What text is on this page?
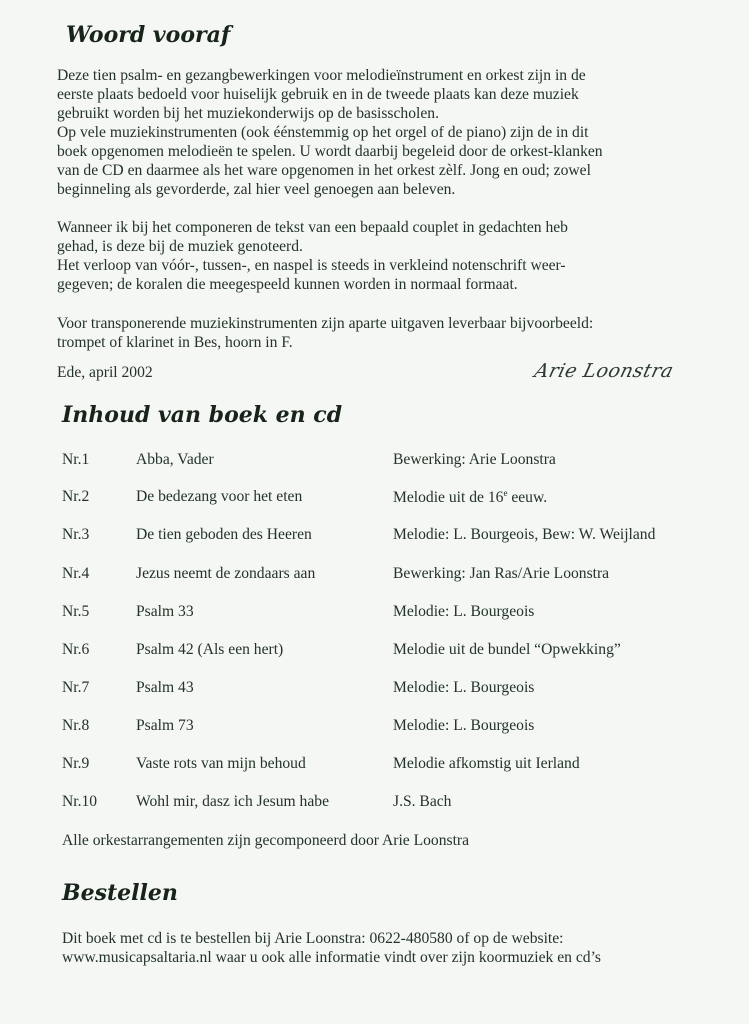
Woord vooraf
Deze tien psalm- en gezangbewerkingen voor melodieïnstrument en orkest zijn in de
eerste plaats bedoeld voor huiselijk gebruik en in de tweede plaats kan deze muziek
gebruikt worden bij het muziekonderwijs op de basisscholen.
Op vele muziekinstrumenten (ook éénstemmig op het orgel of de piano) zijn de in dit
boek opgenomen melodieën te spelen. U wordt daarbij begeleid door de orkest-klanken
van de CD en daarmee als het ware opgenomen in het orkest zèlf. Jong en oud; zowel
beginneling als gevorderde, zal hier veel genoegen aan beleven.
Wanneer ik bij het componeren de tekst van een bepaald couplet in gedachten heb
gehad, is deze bij de muziek genoteerd.
Het verloop van vóór-, tussen-, en naspel is steeds in verkleind notenschrift weer-
gegeven; de koralen die meegespeeld kunnen worden in normaal formaat.
Voor transponerende muziekinstrumenten zijn aparte uitgaven leverbaar bijvoorbeeld:
trompet of klarinet in Bes, hoorn in F.

Ede, april 2002	Arie Loonstra
Inhoud van boek en cd
Nr.1	Abba, Vader	Bewerking: Arie Loonstra
Nr.2	De bedezang voor het eten	Melodie uit de 16e eeuw.
Nr.3	De tien geboden des Heeren	Melodie: L. Bourgeois, Bew: W. Weijland
Nr.4	Jezus neemt de zondaars aan	Bewerking: Jan Ras/Arie Loonstra
Nr.5	Psalm 33	Melodie: L. Bourgeois
Nr.6	Psalm 42 (Als een hert)	Melodie uit de bundel “Opwekking”
Nr.7	Psalm 43	Melodie: L. Bourgeois
Nr.8	Psalm 73	Melodie: L. Bourgeois
Nr.9	Vaste rots van mijn behoud	Melodie afkomstig uit Ierland
Nr.10 Wohl mir, dasz ich Jesum habe	J.S. Bach

Alle orkestarrangementen zijn gecomponeerd door Arie Loonstra

Bestellen
Dit boek met cd is te bestellen bij Arie Loonstra: 0622-480580 of op de website:
www.musicapsaltaria.nl waar u ook alle informatie vindt over zijn koormuziek en cd’s
